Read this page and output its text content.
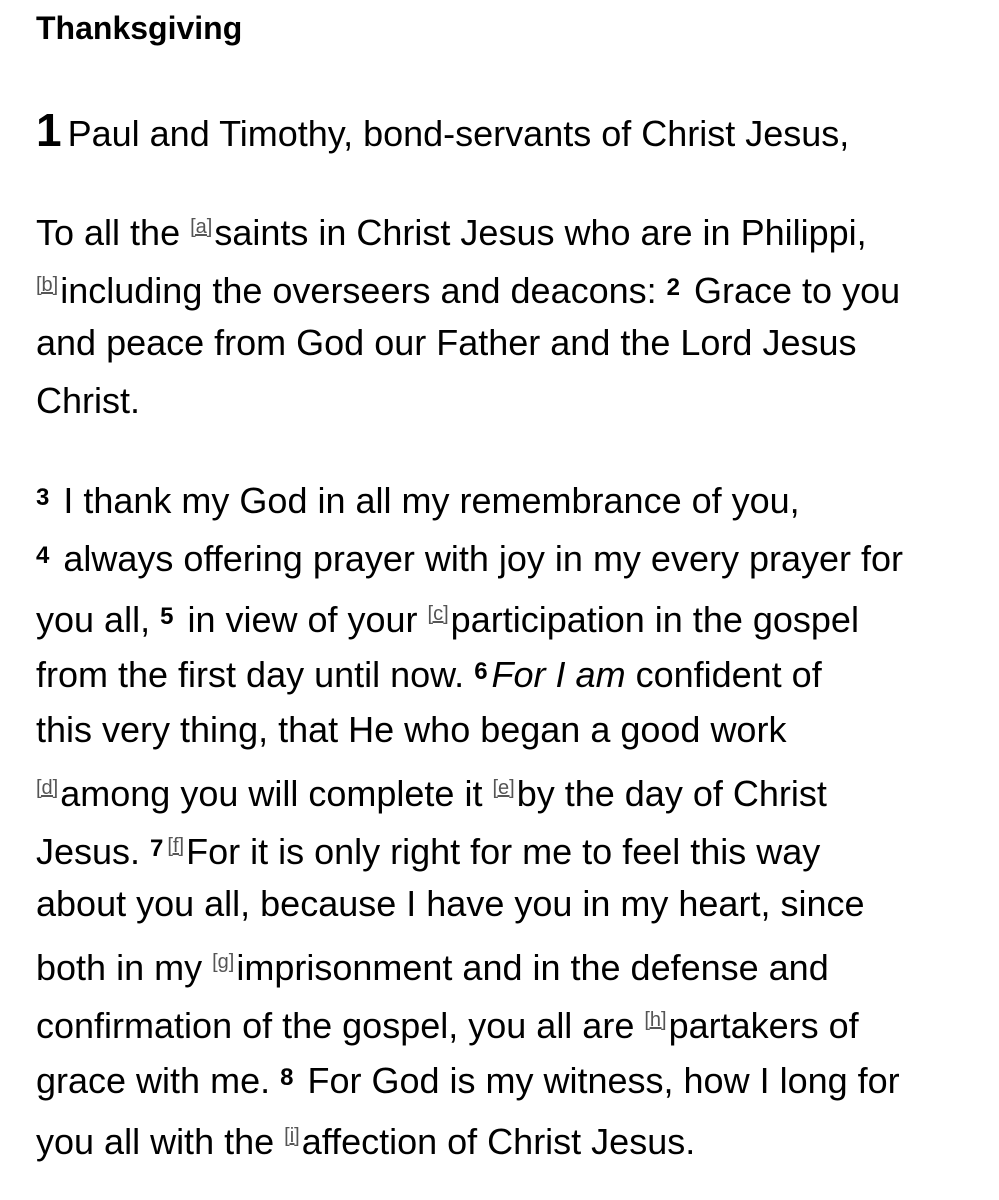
Thanksgiving
1 Paul and Timothy, bond-servants of Christ Jesus,
To all the [a]saints in Christ Jesus who are in Philippi,
[b]including the overseers and deacons: $^2$ Grace to you
and peace from God our Father and the Lord Jesus
Christ.
$^3$ I thank my God in all my remembrance of you,
$^4$ always offering prayer with joy in my every prayer for
you all, $^5$ in view of your [c]participation in the gospel
from the first day until now. $^6$ For I am confident of
this very thing, that He who began a good work
[d]among you will complete it [e]by the day of Christ
Jesus. $^7$ [f]For it is only right for me to feel this way
about you all, because I have you in my heart, since
both in my [g]imprisonment and in the defense and
confirmation of the gospel, you all are [h]partakers of
grace with me. $^8$ For God is my witness, how I long for
you all with the [i]affection of Christ Jesus.
